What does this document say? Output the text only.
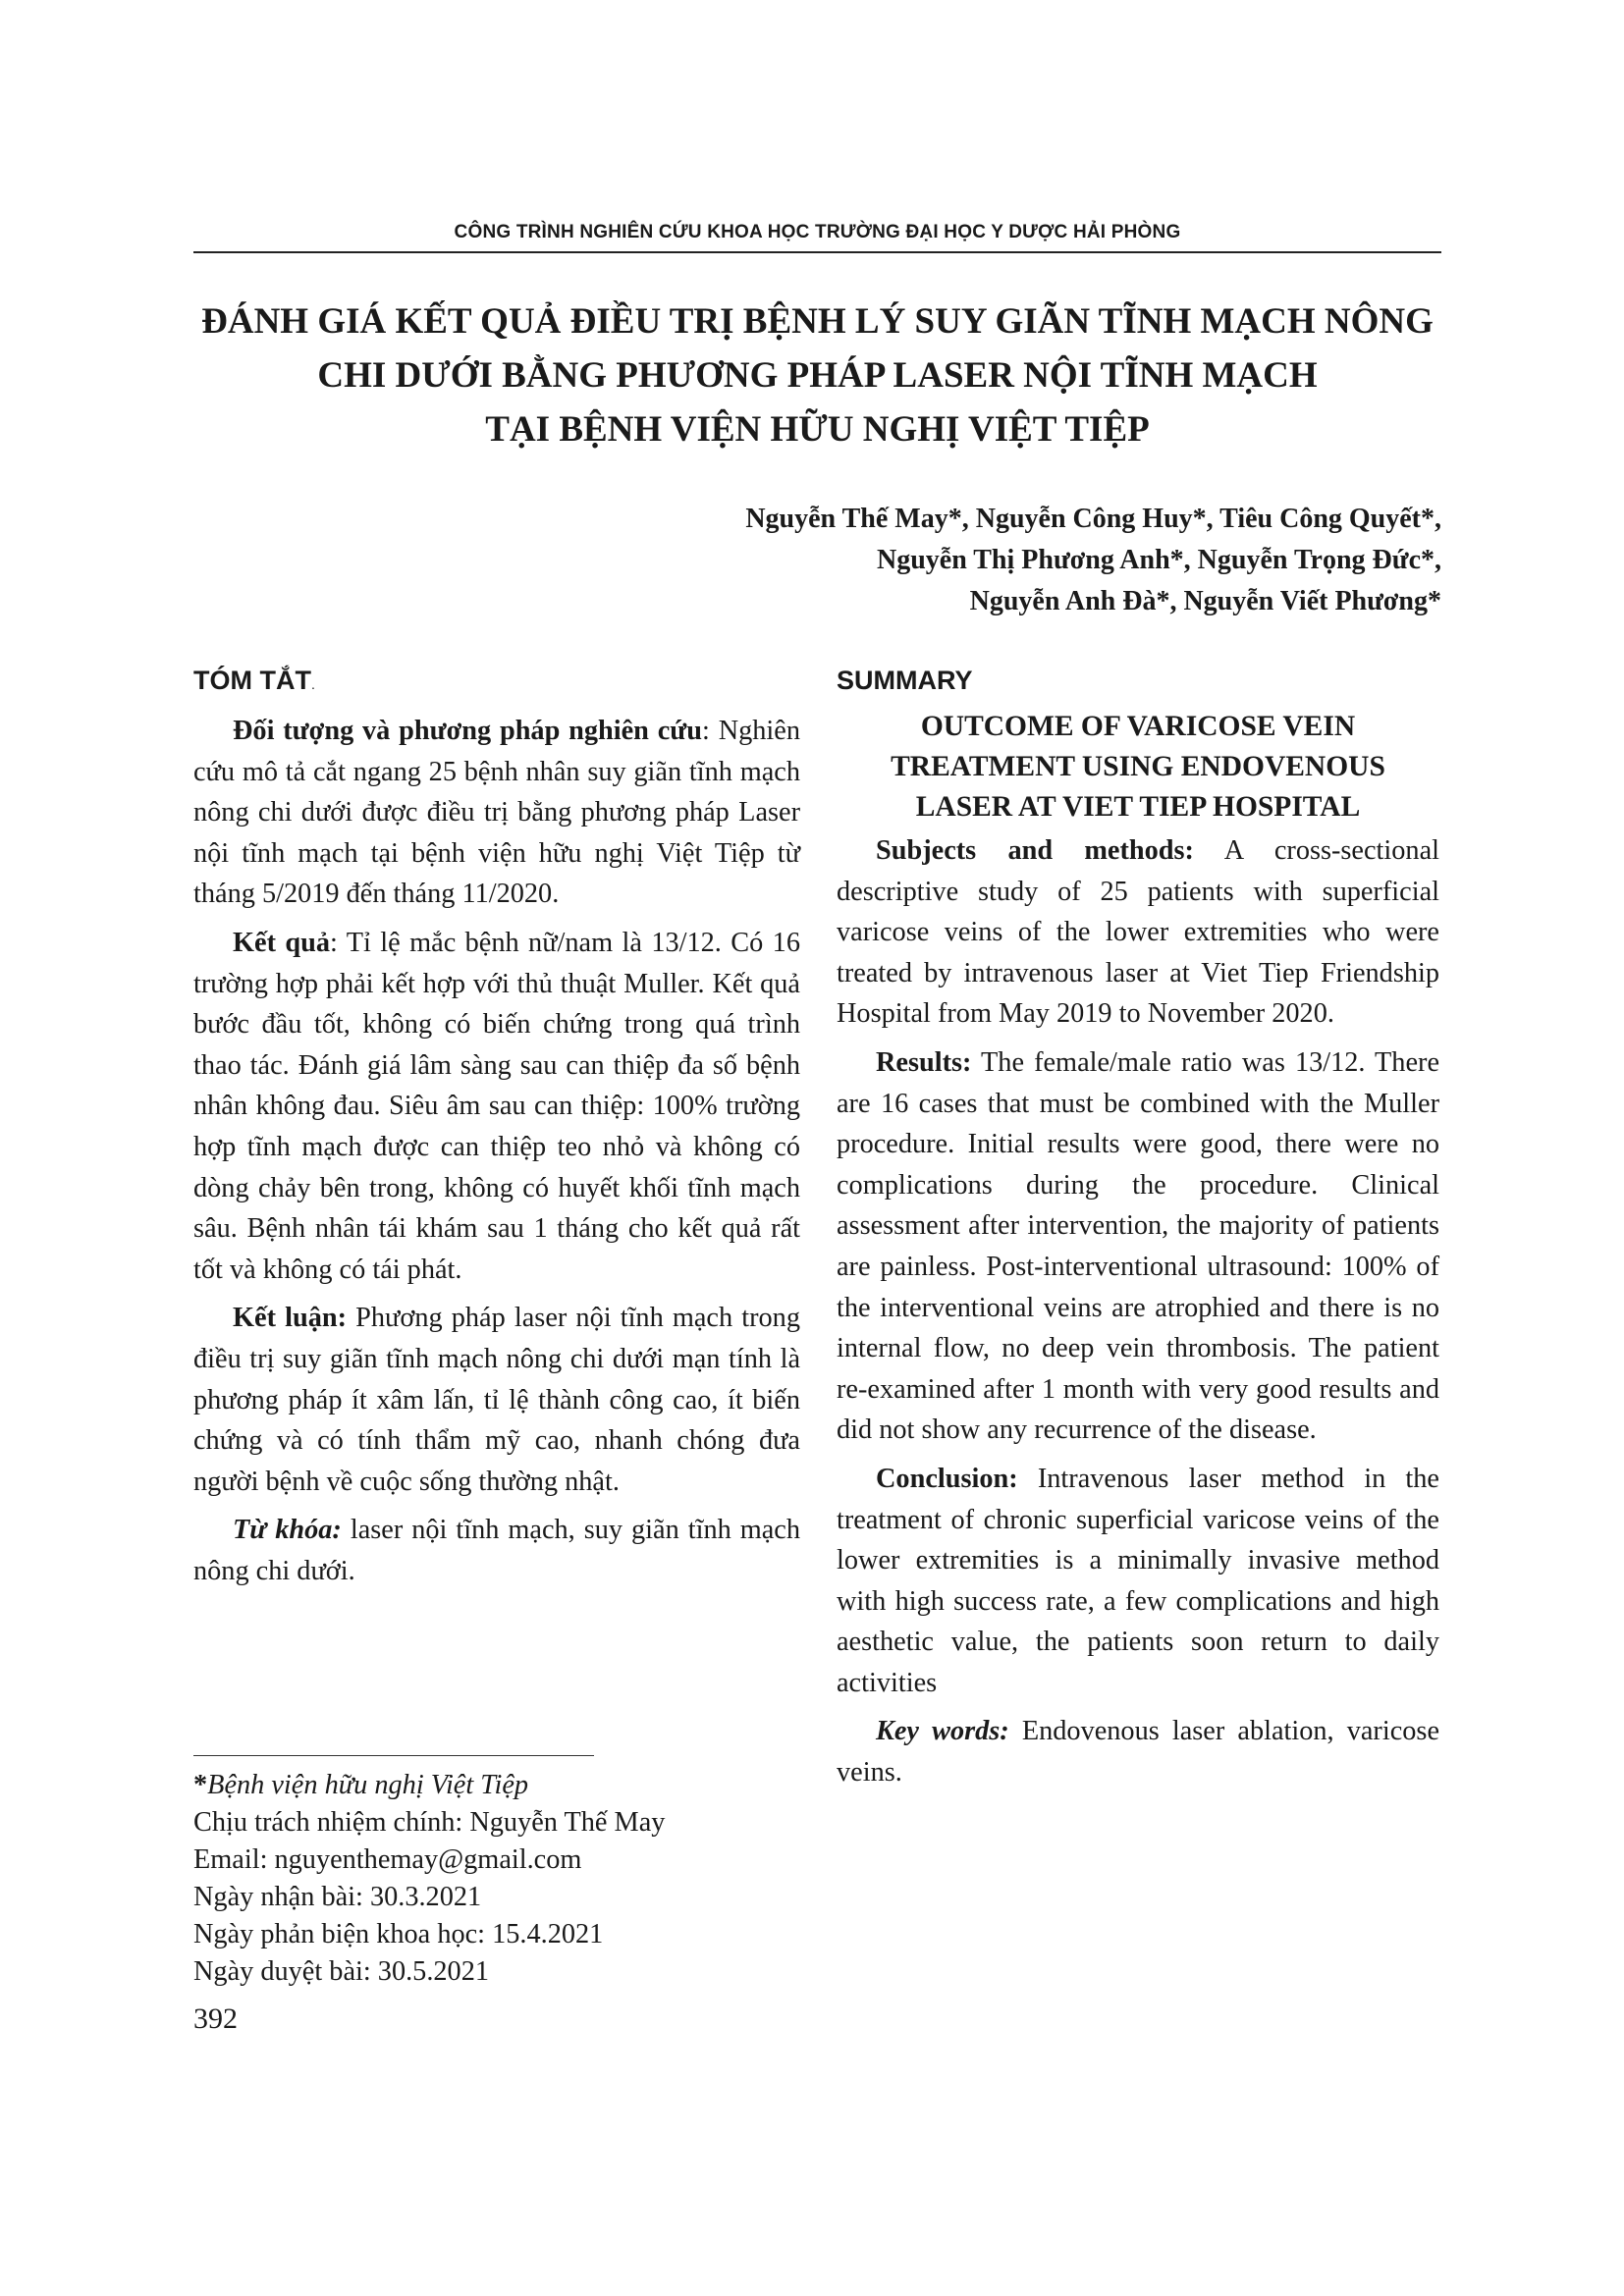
CÔNG TRÌNH NGHIÊN CỨU KHOA HỌC TRƯỜNG ĐẠI HỌC Y DƯỢC HẢI PHÒNG
ĐÁNH GIÁ KẾT QUẢ ĐIỀU TRỊ BỆNH LÝ SUY GIÃN TĨNH MẠCH NÔNG
CHI DƯỚI BẰNG PHƯƠNG PHÁP LASER NỘI TĨNH MẠCH
TẠI BỆNH VIỆN HỮU NGHỊ VIỆT TIỆP
Nguyễn Thế May*, Nguyễn Công Huy*, Tiêu Công Quyết*,
Nguyễn Thị Phương Anh*, Nguyễn Trọng Đức*,
Nguyễn Anh Đà*, Nguyễn Viết Phương*
TÓM TẮT.

Đối tượng và phương pháp nghiên cứu: Nghiên cứu mô tả cắt ngang 25 bệnh nhân suy giãn tĩnh mạch nông chi dưới được điều trị bằng phương pháp Laser nội tĩnh mạch tại bệnh viện hữu nghị Việt Tiệp từ tháng 5/2019 đến tháng 11/2020.

Kết quả: Tỉ lệ mắc bệnh nữ/nam là 13/12. Có 16 trường hợp phải kết hợp với thủ thuật Muller. Kết quả bước đầu tốt, không có biến chứng trong quá trình thao tác. Đánh giá lâm sàng sau can thiệp đa số bệnh nhân không đau. Siêu âm sau can thiệp: 100% trường hợp tĩnh mạch được can thiệp teo nhỏ và không có dòng chảy bên trong, không có huyết khối tĩnh mạch sâu. Bệnh nhân tái khám sau 1 tháng cho kết quả rất tốt và không có tái phát.

Kết luận: Phương pháp laser nội tĩnh mạch trong điều trị suy giãn tĩnh mạch nông chi dưới mạn tính là phương pháp ít xâm lấn, tỉ lệ thành công cao, ít biến chứng và có tính thẩm mỹ cao, nhanh chóng đưa người bệnh về cuộc sống thường nhật.

Từ khóa: laser nội tĩnh mạch, suy giãn tĩnh mạch nông chi dưới.

SUMMARY
OUTCOME OF VARICOSE VEIN
TREATMENT USING ENDOVENOUS
LASER AT VIET TIEP HOSPITAL

Subjects and methods: A cross-sectional descriptive study of 25 patients with superficial varicose veins of the lower extremities who were treated by intravenous laser at Viet Tiep Friendship Hospital from May 2019 to November 2020.

Results: The female/male ratio was 13/12. There are 16 cases that must be combined with the Muller procedure. Initial results were good, there were no complications during the procedure. Clinical assessment after intervention, the majority of patients are painless. Post-interventional ultrasound: 100% of the interventional veins are atrophied and there is no internal flow, no deep vein thrombosis. The patient re-examined after 1 month with very good results and did not show any recurrence of the disease.

Conclusion: Intravenous laser method in the treatment of chronic superficial varicose veins of the lower extremities is a minimally invasive method with high success rate, a few complications and high aesthetic value, the patients soon return to daily activities

Key words: Endovenous laser ablation, varicose veins.

*Bệnh viện hữu nghị Việt Tiệp
Chịu trách nhiệm chính: Nguyễn Thế May
Email: nguyenthemay@gmail.com
Ngày nhận bài: 30.3.2021
Ngày phản biện khoa học: 15.4.2021
Ngày duyệt bài: 30.5.2021
392
